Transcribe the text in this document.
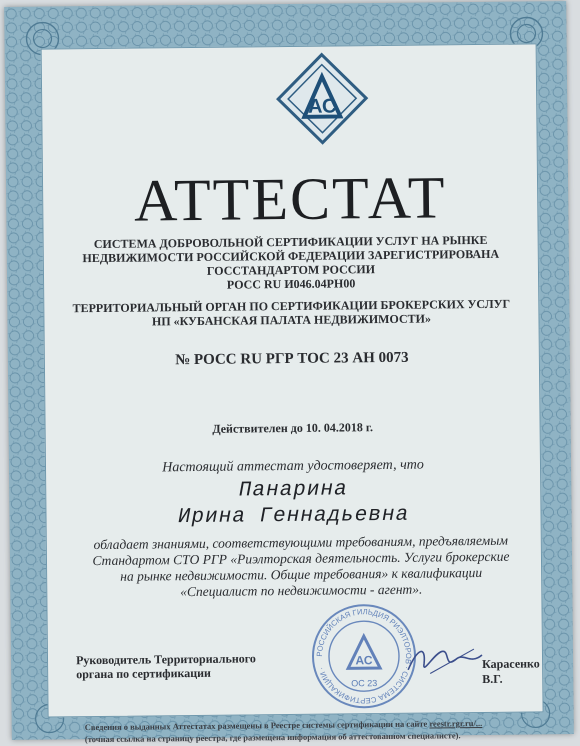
АС
АТТЕСТАТ
СИСТЕМА ДОБРОВОЛЬНОЙ СЕРТИФИКАЦИИ УСЛУГ НА РЫНКЕ
НЕДВИЖИМОСТИ РОССИЙСКОЙ ФЕДЕРАЦИИ ЗАРЕГИСТРИРОВАНА
ГОССТАНДАРТОМ РОССИИ
РОСС RU И046.04РН00
ТЕРРИТОРИАЛЬНЫЙ ОРГАН ПО СЕРТИФИКАЦИИ БРОКЕРСКИХ УСЛУГ
НП «КУБАНСКАЯ ПАЛАТА НЕДВИЖИМОСТИ»
№ РОСС RU РГР ТОС 23 АН 0073
Действителен до 10. 04.2018 г.
Настоящий аттестат удостоверяет, что
Панарина
Ирина Геннадьевна
обладает знаниями, соответствующими требованиям, предъявляемым
Стандартом СТО РГР «Риэлторская деятельность. Услуги брокерские
на рынке недвижимости. Общие требования» к квалификации
«Специалист по недвижимости - агент».
Руководитель Территориального
органа по сертификации
РОССИЙСКАЯ ГИЛЬДИЯ РИЭЛТОРОВ · СИСТЕМА СЕРТИФИКАЦИИ ·
АС
ОС 23
Карасенко В.Г.
Сведения о выданных Аттестатах размещены в Реестре системы сертификации на сайте reestr.rgr.ru/...
(точная ссылка на страницу реестра, где размещена информация об аттестованном специалисте).
